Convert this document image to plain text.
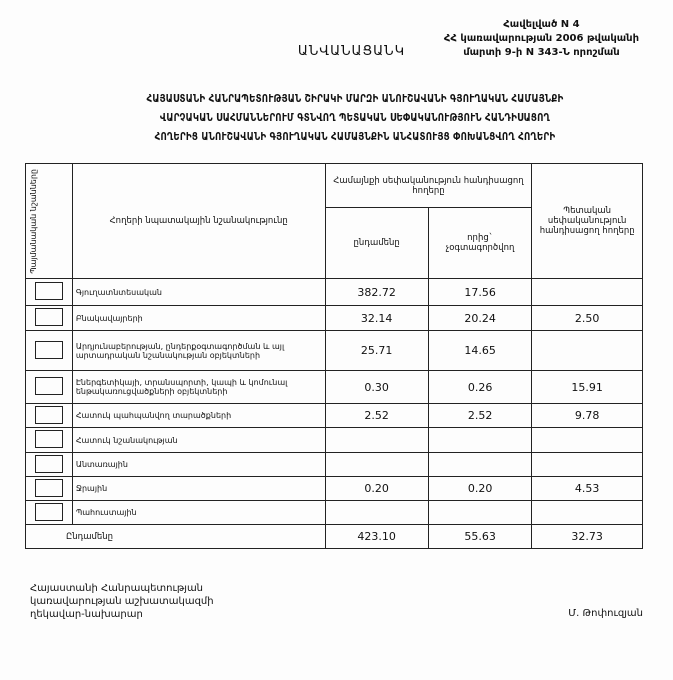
Հավելված N 4
ՀՀ կառավարության 2006 թվականի
մարտի 9-ի N 343-Ն որոշման
ԱՆՎԱՆԱՑԱՆԿ
ՀԱՅԱՍՏԱՆԻ ՀԱՆՐԱՊԵՏՈՒԹՅԱՆ ՇԻՐԱԿԻ ՄԱՐԶԻ ԱՆՈՒՇԱՎԱՆԻ ԳՅՈՒՂԱԿԱՆ ՀԱՄԱՅՆՔԻ
ՎԱՐՉԱԿԱՆ ՍԱՀՄԱՆՆԵՐՈՒՄ ԳՏՆՎՈՂ ՊԵՏԱԿԱՆ ՍԵՓԱԿԱՆՈՒԹՅՈՒՆ ՀԱՆԴԻՍԱՑՈՂ
ՀՈՂԵՐԻՑ ԱՆՈՒՇԱՎԱՆԻ ԳՅՈՒՂԱԿԱՆ ՀԱՄԱՅՆՔԻՆ ԱՆՀԱՏՈՒՅՑ ՓՈԽԱՆՑՎՈՂ ՀՈՂԵՐԻ
Պայմանական նշանները	Հողերի նպատակային նշանակությունը	Համայնքի սեփականություն հանդիսացող հողերը		Պետական սեփականություն հանդիսացող հողերը
		ընդամենը	որից` չօգտագործվող	
	Գյուղատնտեսական	382.72	17.56	
	Բնակավայրերի	32.14	20.24	2.50
	Արդյունաբերության, ընդերքօգտագործման և այլ արտադրական նշանակության օբյեկտների	25.71	14.65	
	Էներգետիկայի, տրանսպորտի, կապի և կոմունալ ենթակառուցվածքների օբյեկտների	0.30	0.26	15.91
	Հատուկ պահպանվող տարածքների	2.52	2.52	9.78
	Հատուկ նշանակության			
	Անտառային			
	Ջրային	0.20	0.20	4.53
	Պահուստային			
Ընդամենը		423.10	55.63	32.73
Հայաստանի Հանրապետության
կառավարության աշխատակազմի
ղեկավար-նախարար	Մ. Թոփուզյան
